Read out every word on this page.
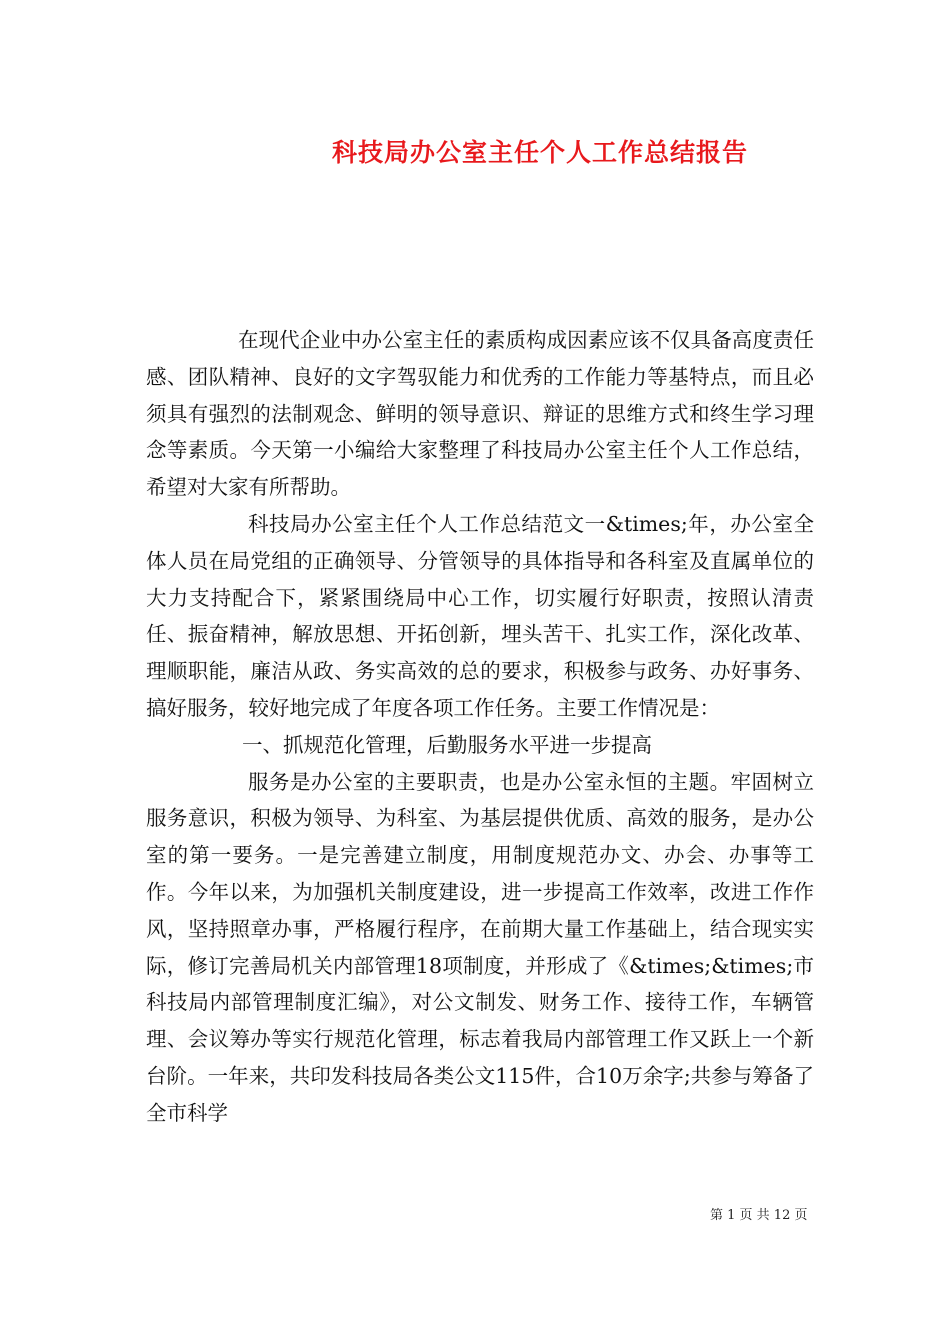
科技局办公室主任个人工作总结报告

在现代企业中办公室主任的素质构成因素应该不仅具备高度责任感、团队精神、良好的文字驾驭能力和优秀的工作能力等基特点，而且必须具有强烈的法制观念、鲜明的领导意识、辩证的思维方式和终生学习理念等素质。今天第一小编给大家整理了科技局办公室主任个人工作总结，希望对大家有所帮助。

科技局办公室主任个人工作总结范文一&times;年，办公室全体人员在局党组的正确领导、分管领导的具体指导和各科室及直属单位的大力支持配合下，紧紧围绕局中心工作，切实履行好职责，按照认清责任、振奋精神，解放思想、开拓创新，埋头苦干、扎实工作，深化改革、理顺职能，廉洁从政、务实高效的总的要求，积极参与政务、办好事务、搞好服务，较好地完成了年度各项工作任务。主要工作情况是：

一、抓规范化管理，后勤服务水平进一步提高

服务是办公室的主要职责，也是办公室永恒的主题。牢固树立服务意识，积极为领导、为科室、为基层提供优质、高效的服务，是办公室的第一要务。一是完善建立制度，用制度规范办文、办会、办事等工作。今年以来，为加强机关制度建设，进一步提高工作效率，改进工作作风，坚持照章办事，严格履行程序，在前期大量工作基础上，结合现实实际，修订完善局机关内部管理18项制度，并形成了《&times;&times;市科技局内部管理制度汇编》，对公文制发、财务工作、接待工作，车辆管理、会议筹办等实行规范化管理，标志着我局内部管理工作又跃上一个新台阶。一年来，共印发科技局各类公文115件，合10万余字;共参与筹备了全市科学

第 1 页 共 12 页
